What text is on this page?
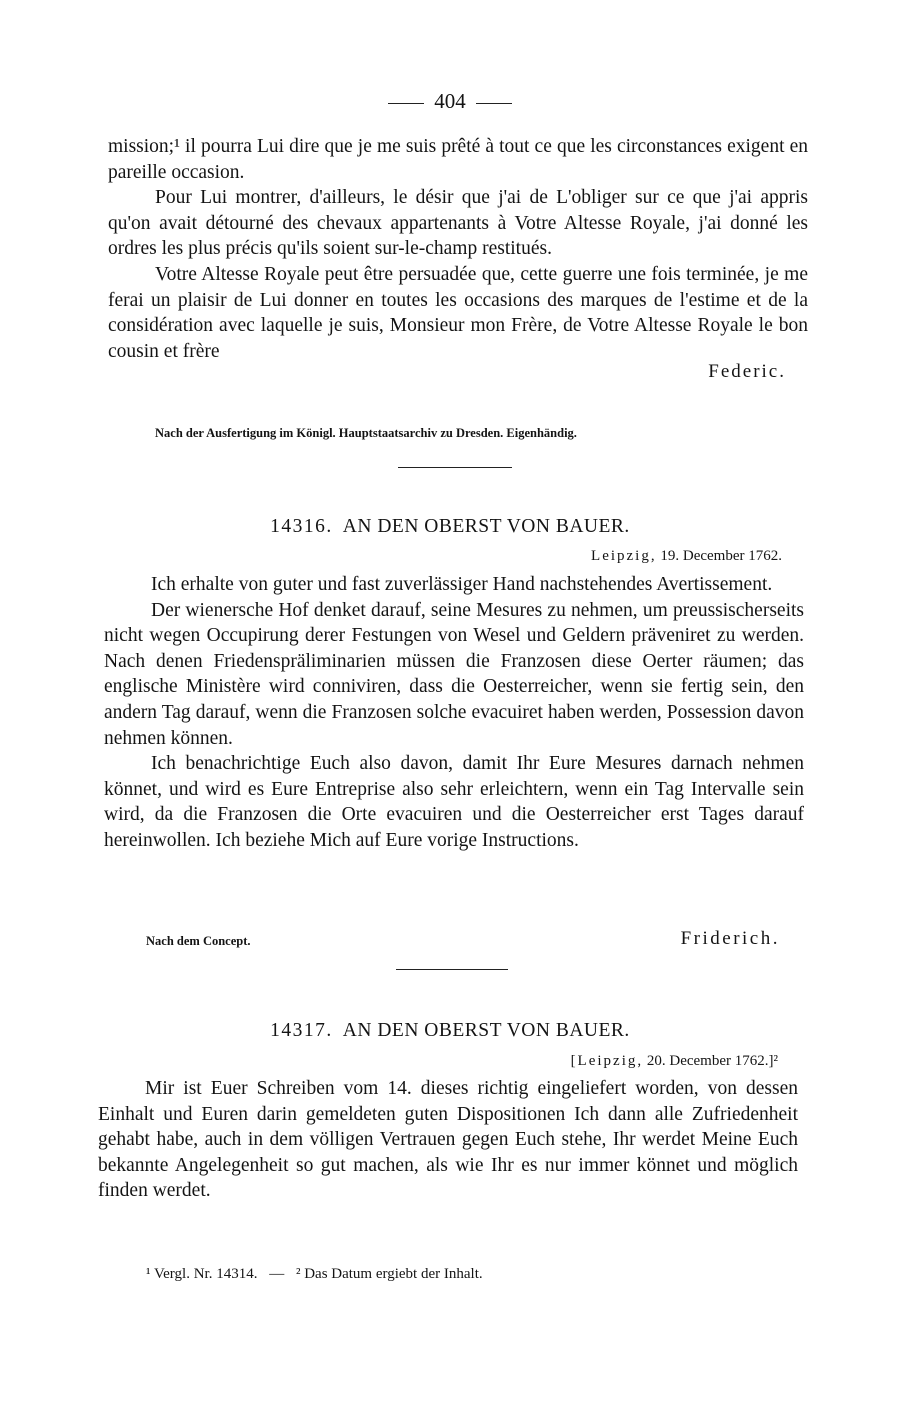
404

mission;¹ il pourra Lui dire que je me suis prêté à tout ce que les circonstances exigent en pareille occasion.

Pour Lui montrer, d'ailleurs, le désir que j'ai de L'obliger sur ce que j'ai appris qu'on avait détourné des chevaux appartenants à Votre Altesse Royale, j'ai donné les ordres les plus précis qu'ils soient sur-le-champ restitués.

Votre Altesse Royale peut être persuadée que, cette guerre une fois terminée, je me ferai un plaisir de Lui donner en toutes les occasions des marques de l'estime et de la considération avec laquelle je suis, Monsieur mon Frère, de Votre Altesse Royale le bon cousin et frère

Federic.
Nach der Ausfertigung im Königl. Hauptstaatsarchiv zu Dresden. Eigenhändig.
14316. AN DEN OBERST VON BAUER.
Leipzig, 19. December 1762.

Ich erhalte von guter und fast zuverlässiger Hand nachstehendes Avertissement.

Der wienersche Hof denket darauf, seine Mesures zu nehmen, um preussischerseits nicht wegen Occupirung derer Festungen von Wesel und Geldern präveniret zu werden. Nach denen Friedenspräliminarien müssen die Franzosen diese Oerter räumen; das englische Ministère wird conniviren, dass die Oesterreicher, wenn sie fertig sein, den andern Tag darauf, wenn die Franzosen solche evacuiret haben werden, Possession davon nehmen können.

Ich benachrichtige Euch also davon, damit Ihr Eure Mesures darnach nehmen könnet, und wird es Eure Entreprise also sehr erleichtern, wenn ein Tag Intervalle sein wird, da die Franzosen die Orte evacuiren und die Oesterreicher erst Tages darauf hereinwollen. Ich beziehe Mich auf Eure vorige Instructions.

Nach dem Concept.	Friderich.
14317. AN DEN OBERST VON BAUER.
[Leipzig, 20. December 1762.]²

Mir ist Euer Schreiben vom 14. dieses richtig eingeliefert worden, von dessen Einhalt und Euren darin gemeldeten guten Dispositionen Ich dann alle Zufriedenheit gehabt habe, auch in dem völligen Vertrauen gegen Euch stehe, Ihr werdet Meine Euch bekannte Angelegenheit so gut machen, als wie Ihr es nur immer könnet und möglich finden werdet.

¹ Vergl. Nr. 14314. — ² Das Datum ergiebt der Inhalt.
